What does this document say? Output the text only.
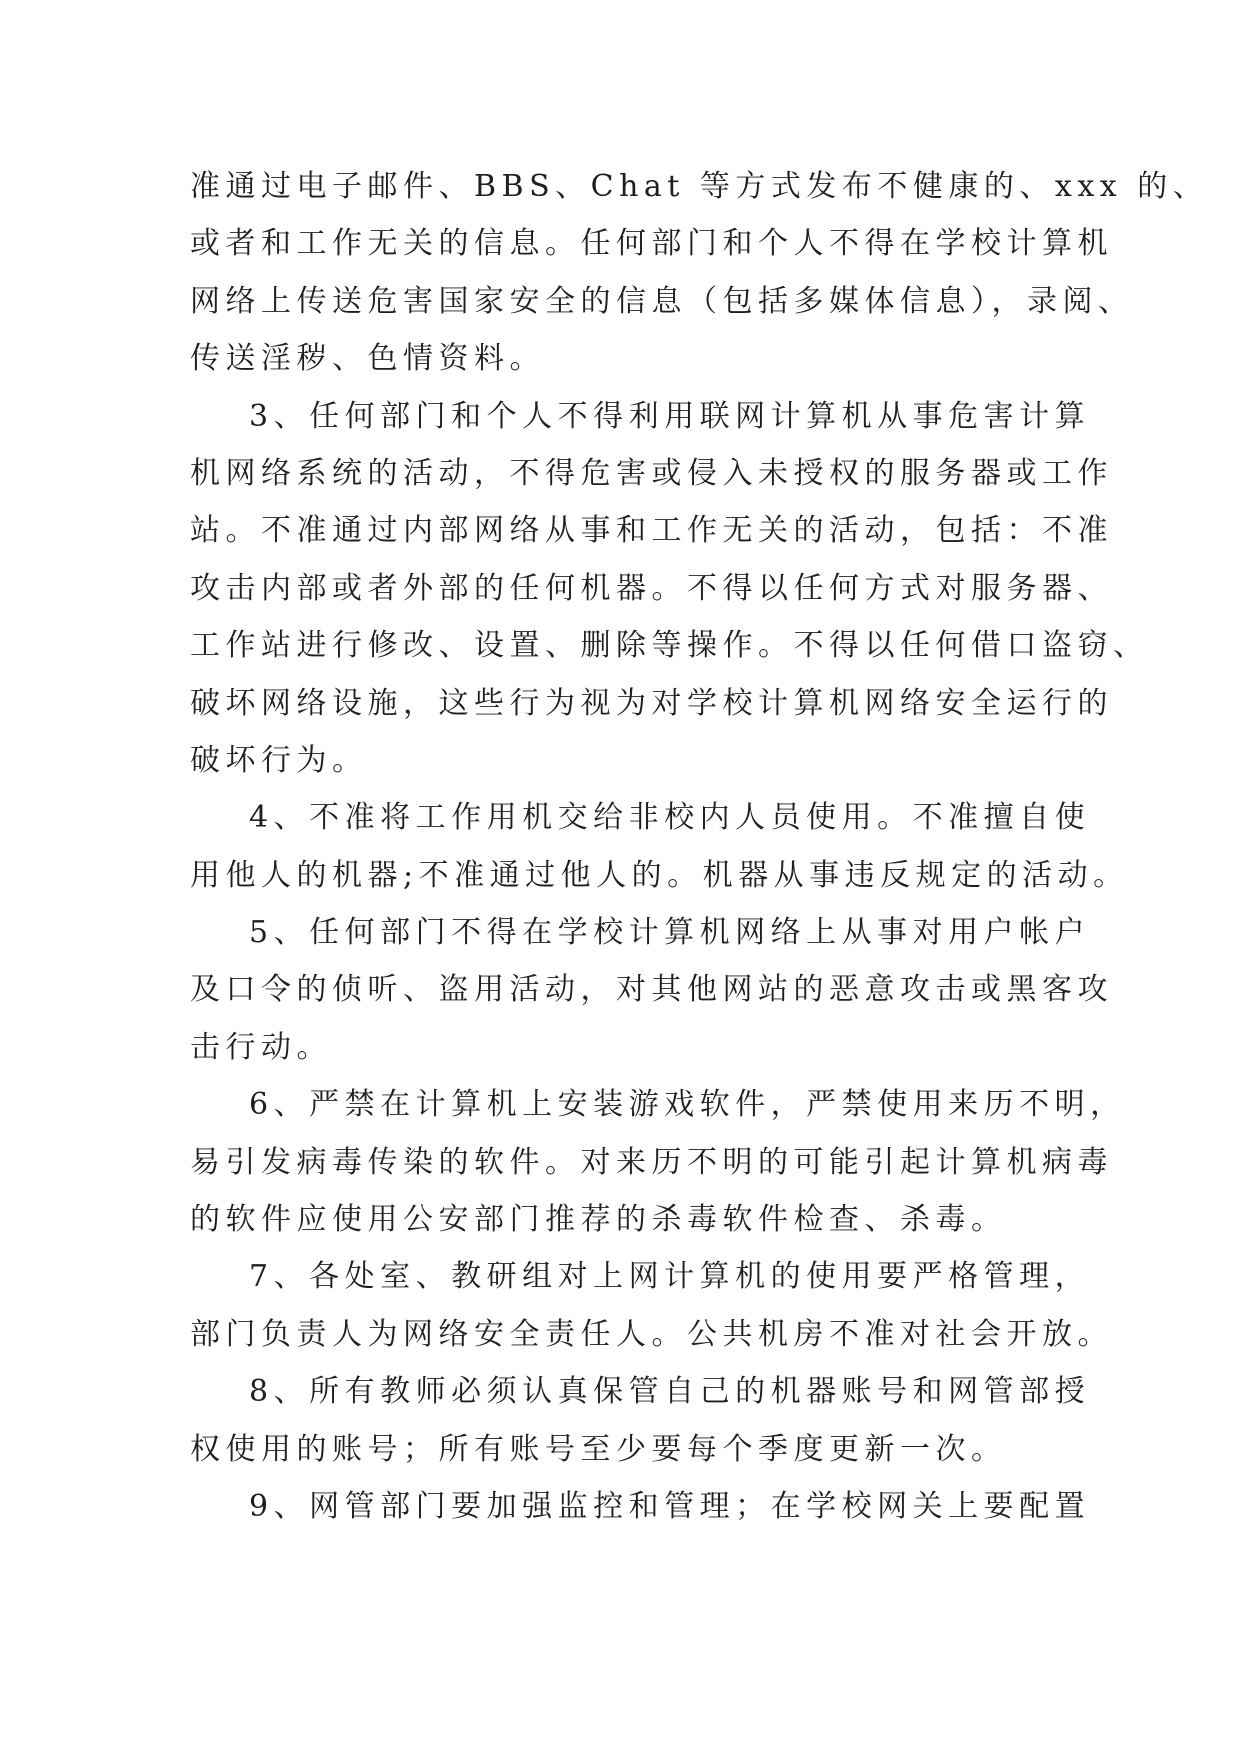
准通过电子邮件、BBS、Chat 等方式发布不健康的、xxx 的、
或者和工作无关的信息。任何部门和个人不得在学校计算机
网络上传送危害国家安全的信息（包括多媒体信息），录阅、
传送淫秽、色情资料。
3、任何部门和个人不得利用联网计算机从事危害计算
机网络系统的活动，不得危害或侵入未授权的服务器或工作
站。不准通过内部网络从事和工作无关的活动，包括：不准
攻击内部或者外部的任何机器。不得以任何方式对服务器、
工作站进行修改、设置、删除等操作。不得以任何借口盗窃、
破坏网络设施，这些行为视为对学校计算机网络安全运行的
破坏行为。
4、不准将工作用机交给非校内人员使用。不准擅自使
用他人的机器;不准通过他人的。机器从事违反规定的活动。
5、任何部门不得在学校计算机网络上从事对用户帐户
及口令的侦听、盗用活动，对其他网站的恶意攻击或黑客攻
击行动。
6、严禁在计算机上安装游戏软件，严禁使用来历不明，
易引发病毒传染的软件。对来历不明的可能引起计算机病毒
的软件应使用公安部门推荐的杀毒软件检查、杀毒。
7、各处室、教研组对上网计算机的使用要严格管理，
部门负责人为网络安全责任人。公共机房不准对社会开放。
8、所有教师必须认真保管自己的机器账号和网管部授
权使用的账号；所有账号至少要每个季度更新一次。
9、网管部门要加强监控和管理；在学校网关上要配置
